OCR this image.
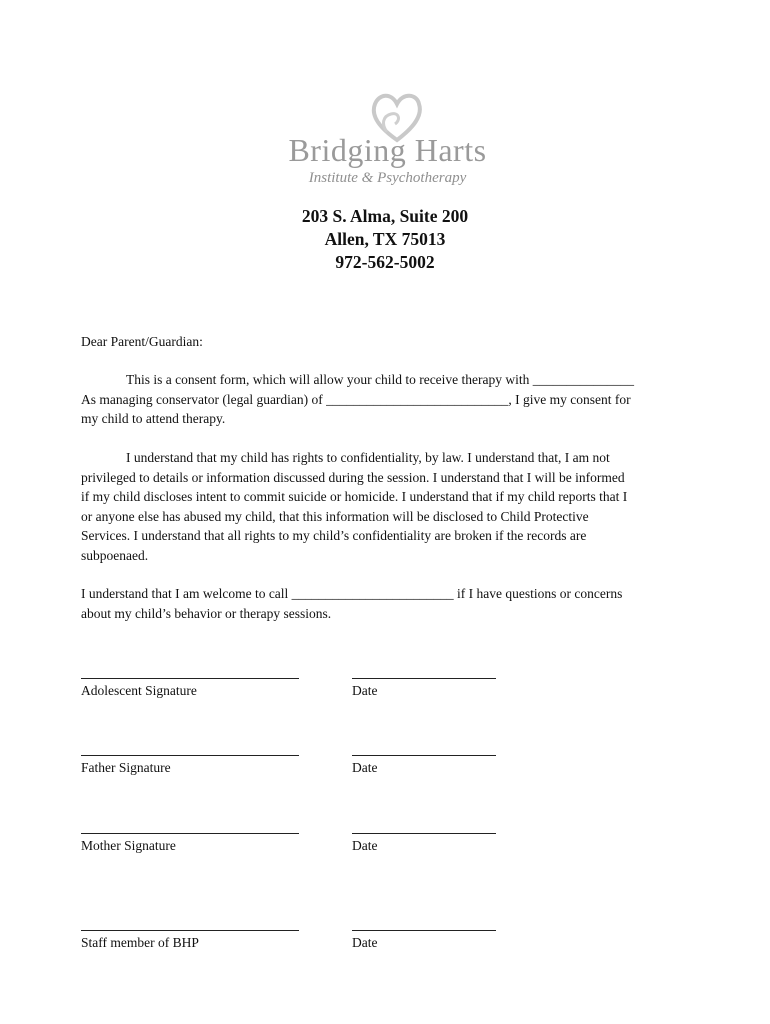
Bridging Harts
Institute & Psychotherapy
203 S. Alma, Suite 200
Allen, TX 75013
972-562-5002
Dear Parent/Guardian:
This is a consent form, which will allow your child to receive therapy with _______________
As managing conservator (legal guardian) of ___________________________, I give my consent for
my child to attend therapy.
I understand that my child has rights to confidentiality, by law. I understand that, I am not
privileged to details or information discussed during the session. I understand that I will be informed
if my child discloses intent to commit suicide or homicide. I understand that if my child reports that I
or anyone else has abused my child, that this information will be disclosed to Child Protective
Services. I understand that all rights to my child’s confidentiality are broken if the records are
subpoenaed.
I understand that I am welcome to call ________________________ if I have questions or concerns
about my child’s behavior or therapy sessions.
Adolescent Signature	Date
Father Signature	Date
Mother Signature	Date
Staff member of BHP	Date
